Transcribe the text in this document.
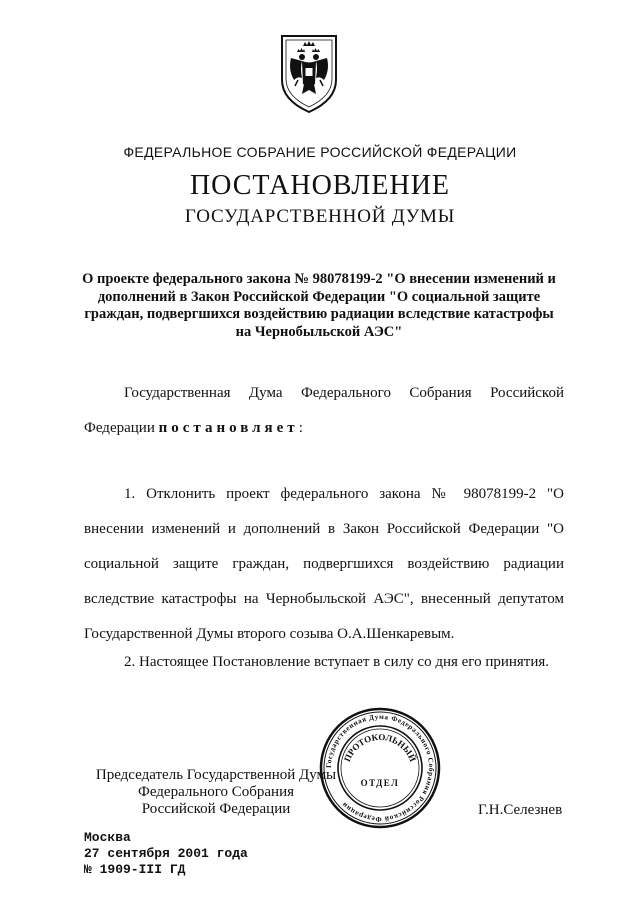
ФЕДЕРАЛЬНОЕ СОБРАНИЕ РОССИЙСКОЙ ФЕДЕРАЦИИ
ПОСТАНОВЛЕНИЕ
ГОСУДАРСТВЕННОЙ ДУМЫ
О проекте федерального закона № 98078199-2 "О внесении изменений и дополнений в Закон Российской Федерации "О социальной защите граждан, подвергшихся воздействию радиации вследствие катастрофы на Чернобыльской АЭС"
Государственная Дума Федерального Собрания Российской Федерации постановляет:
1. Отклонить проект федерального закона № 98078199-2 "О внесении изменений и дополнений в Закон Российской Федерации "О социальной защите граждан, подвергшихся воздействию радиации вследствие катастрофы на Чернобыльской АЭС", внесенный депутатом Государственной Думы второго созыва О.А.Шенкаревым.
2. Настоящее Постановление вступает в силу со дня его принятия.
Председатель Государственной Думы
Федерального Собрания
Российской Федерации	Г.Н.Селезнев
Москва
27 сентября 2001 года
№ 1909-III ГД
Государственная Дума Федерального Собрания Российской Федерации
ПРОТОКОЛЬНЫЙ
ОТДЕЛ
